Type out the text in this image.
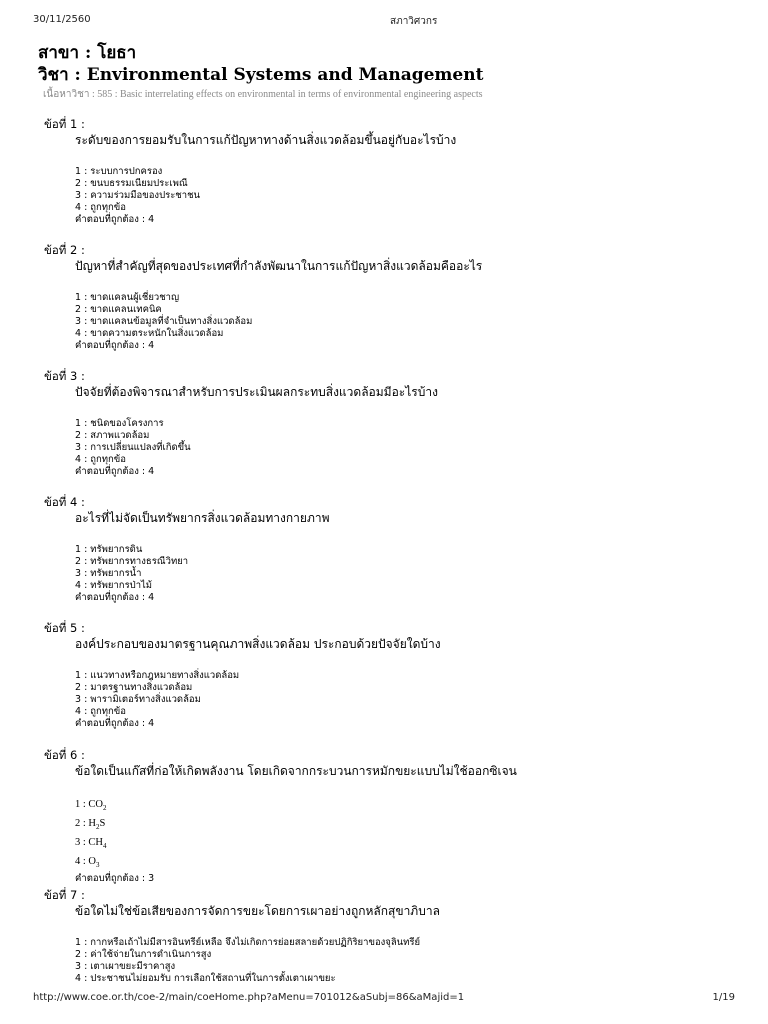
30/11/2560	สภาวิศวกร
สาขา : โยธา
วิชา : Environmental Systems and Management
เนื้อหาวิชา : 585 : Basic interrelating effects on environmental in terms of environmental engineering aspects
ข้อที่ 1 :
ระดับของการยอมรับในการแก้ปัญหาทางด้านสิ่งแวดล้อมขึ้นอยู่กับอะไรบ้าง
1 : ระบบการปกครอง
2 : ขนบธรรมเนียมประเพณี
3 : ความร่วมมือของประชาชน
4 : ถูกทุกข้อ
คำตอบที่ถูกต้อง : 4
ข้อที่ 2 :
ปัญหาที่สำคัญที่สุดของประเทศที่กำลังพัฒนาในการแก้ปัญหาสิ่งแวดล้อมคืออะไร
1 : ขาดแคลนผู้เชี่ยวชาญ
2 : ขาดแคลนเทคนิค
3 : ขาดแคลนข้อมูลที่จำเป็นทางสิ่งแวดล้อม
4 : ขาดความตระหนักในสิ่งแวดล้อม
คำตอบที่ถูกต้อง : 4
ข้อที่ 3 :
ปัจจัยที่ต้องพิจารณาสำหรับการประเมินผลกระทบสิ่งแวดล้อมมีอะไรบ้าง
1 : ชนิดของโครงการ
2 : สภาพแวดล้อม
3 : การเปลี่ยนแปลงที่เกิดขึ้น
4 : ถูกทุกข้อ
คำตอบที่ถูกต้อง : 4
ข้อที่ 4 :
อะไรที่ไม่จัดเป็นทรัพยากรสิ่งแวดล้อมทางกายภาพ
1 : ทรัพยากรดิน
2 : ทรัพยากรทางธรณีวิทยา
3 : ทรัพยากรน้ำ
4 : ทรัพยากรป่าไม้
คำตอบที่ถูกต้อง : 4
ข้อที่ 5 :
องค์ประกอบของมาตรฐานคุณภาพสิ่งแวดล้อม ประกอบด้วยปัจจัยใดบ้าง
1 : แนวทางหรือกฎหมายทางสิ่งแวดล้อม
2 : มาตรฐานทางสิ่งแวดล้อม
3 : พารามิเตอร์ทางสิ่งแวดล้อม
4 : ถูกทุกข้อ
คำตอบที่ถูกต้อง : 4
ข้อที่ 6 :
ข้อใดเป็นแก๊สที่ก่อให้เกิดพลังงาน โดยเกิดจากกระบวนการหมักขยะแบบไม่ใช้ออกซิเจน
1 : $CO_2$
2 : $H_2S$
3 : $CH_4$
4 : $O_3$
คำตอบที่ถูกต้อง : 3
ข้อที่ 7 :
ข้อใดไม่ใช่ข้อเสียของการจัดการขยะโดยการเผาอย่างถูกหลักสุขาภิบาล
1 : กากหรือเถ้าไม่มีสารอินทรีย์เหลือ จึงไม่เกิดการย่อยสลายด้วยปฏิกิริยาของจุลินทรีย์
2 : ค่าใช้จ่ายในการดำเนินการสูง
3 : เตาเผาขยะมีราคาสูง
4 : ประชาชนไม่ยอมรับ การเลือกใช้สถานที่ในการตั้งเตาเผาขยะ
http://www.coe.or.th/coe-2/main/coeHome.php?aMenu=701012&aSubj=86&aMajid=1	1/19
